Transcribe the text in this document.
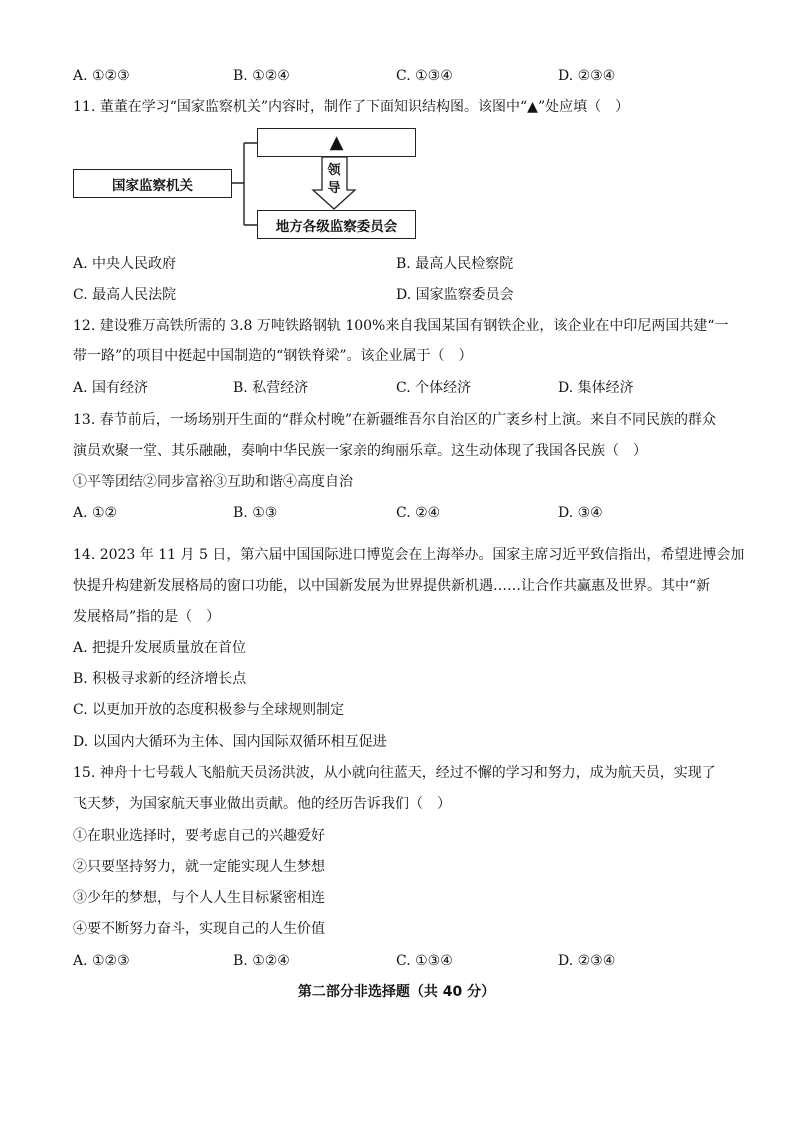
A. ①②③	B. ①②④	C. ①③④	D. ②③④
11. 董董在学习“国家监察机关”内容时，制作了下面知识结构图。该图中“▲”处应填（　）
国家监察机关
▲
地方各级监察委员会
领
导
A. 中央人民政府	B. 最高人民检察院
C. 最高人民法院	D. 国家监察委员会
12. 建设雅万高铁所需的 3.8 万吨铁路钢轨 100%来自我国某国有钢铁企业，该企业在中印尼两国共建“一
带一路”的项目中挺起中国制造的“钢铁脊梁”。该企业属于（　）
A. 国有经济	B. 私营经济	C. 个体经济	D. 集体经济
13. 春节前后，一场场别开生面的“群众村晚”在新疆维吾尔自治区的广袤乡村上演。来自不同民族的群众
演员欢聚一堂、其乐融融，奏响中华民族一家亲的绚丽乐章。这生动体现了我国各民族（　）
①平等团结②同步富裕③互助和谐④高度自治
A. ①②	B. ①③	C. ②④	D. ③④
14. 2023 年 11 月 5 日，第六届中国国际进口博览会在上海举办。国家主席习近平致信指出，希望进博会加
快提升构建新发展格局的窗口功能，以中国新发展为世界提供新机遇……让合作共赢惠及世界。其中“新
发展格局”指的是（　）
A. 把提升发展质量放在首位
B. 积极寻求新的经济增长点
C. 以更加开放的态度积极参与全球规则制定
D. 以国内大循环为主体、国内国际双循环相互促进
15. 神舟十七号载人飞船航天员汤洪波，从小就向往蓝天，经过不懈的学习和努力，成为航天员，实现了
飞天梦，为国家航天事业做出贡献。他的经历告诉我们（　）
①在职业选择时，要考虑自己的兴趣爱好
②只要坚持努力，就一定能实现人生梦想
③少年的梦想，与个人人生目标紧密相连
④要不断努力奋斗，实现自己的人生价值
A. ①②③	B. ①②④	C. ①③④	D. ②③④
第二部分非选择题（共 40 分）
